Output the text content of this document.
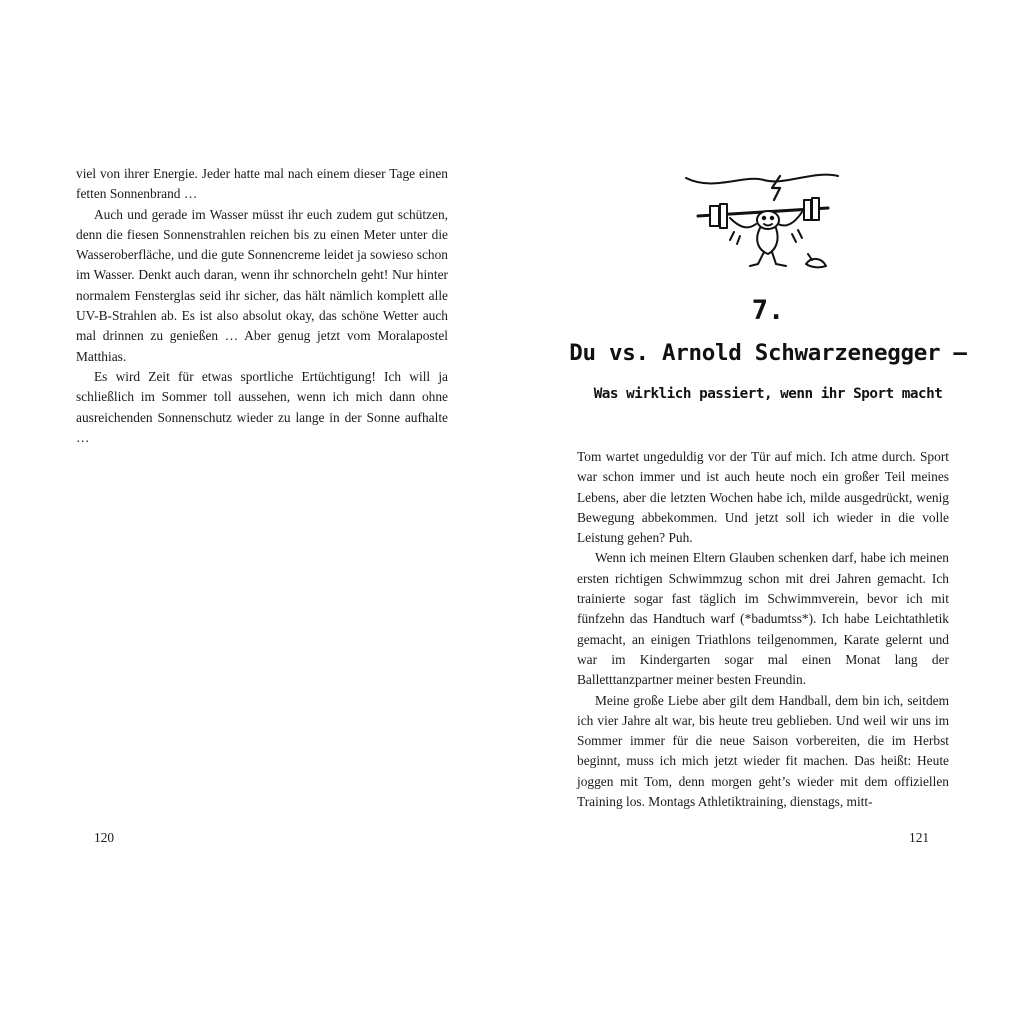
viel von ihrer Energie. Jeder hatte mal nach einem dieser Tage einen fetten Sonnenbrand …

Auch und gerade im Wasser müsst ihr euch zudem gut schützen, denn die fiesen Sonnenstrahlen reichen bis zu einen Meter unter die Wasseroberfläche, und die gute Sonnencreme leidet ja sowieso schon im Wasser. Denkt auch daran, wenn ihr schnorcheln geht! Nur hinter normalem Fensterglas seid ihr sicher, das hält nämlich komplett alle UV-B-Strahlen ab. Es ist also absolut okay, das schöne Wetter auch mal drinnen zu genießen … Aber genug jetzt vom Moralapostel Matthias.

Es wird Zeit für etwas sportliche Ertüchtigung! Ich will ja schließlich im Sommer toll aussehen, wenn ich mich dann ohne ausreichenden Sonnenschutz wieder zu lange in der Sonne aufhalte …

120
7.
Du vs. Arnold Schwarzenegger –
Was wirklich passiert, wenn ihr Sport macht

Tom wartet ungeduldig vor der Tür auf mich. Ich atme durch. Sport war schon immer und ist auch heute noch ein großer Teil meines Lebens, aber die letzten Wochen habe ich, milde ausgedrückt, wenig Bewegung abbekommen. Und jetzt soll ich wieder in die volle Leistung gehen? Puh.

Wenn ich meinen Eltern Glauben schenken darf, habe ich meinen ersten richtigen Schwimmzug schon mit drei Jahren gemacht. Ich trainierte sogar fast täglich im Schwimmverein, bevor ich mit fünfzehn das Handtuch warf (*badumtss*). Ich habe Leichtathletik gemacht, an einigen Triathlons teilgenommen, Karate gelernt und war im Kindergarten sogar mal einen Monat lang der Balletttanzpartner meiner besten Freundin.

Meine große Liebe aber gilt dem Handball, dem bin ich, seitdem ich vier Jahre alt war, bis heute treu geblieben. Und weil wir uns im Sommer immer für die neue Saison vorbereiten, die im Herbst beginnt, muss ich mich jetzt wieder fit machen. Das heißt: Heute joggen mit Tom, denn morgen geht’s wieder mit dem offiziellen Training los. Montags Athletiktraining, dienstags, mitt-

121
